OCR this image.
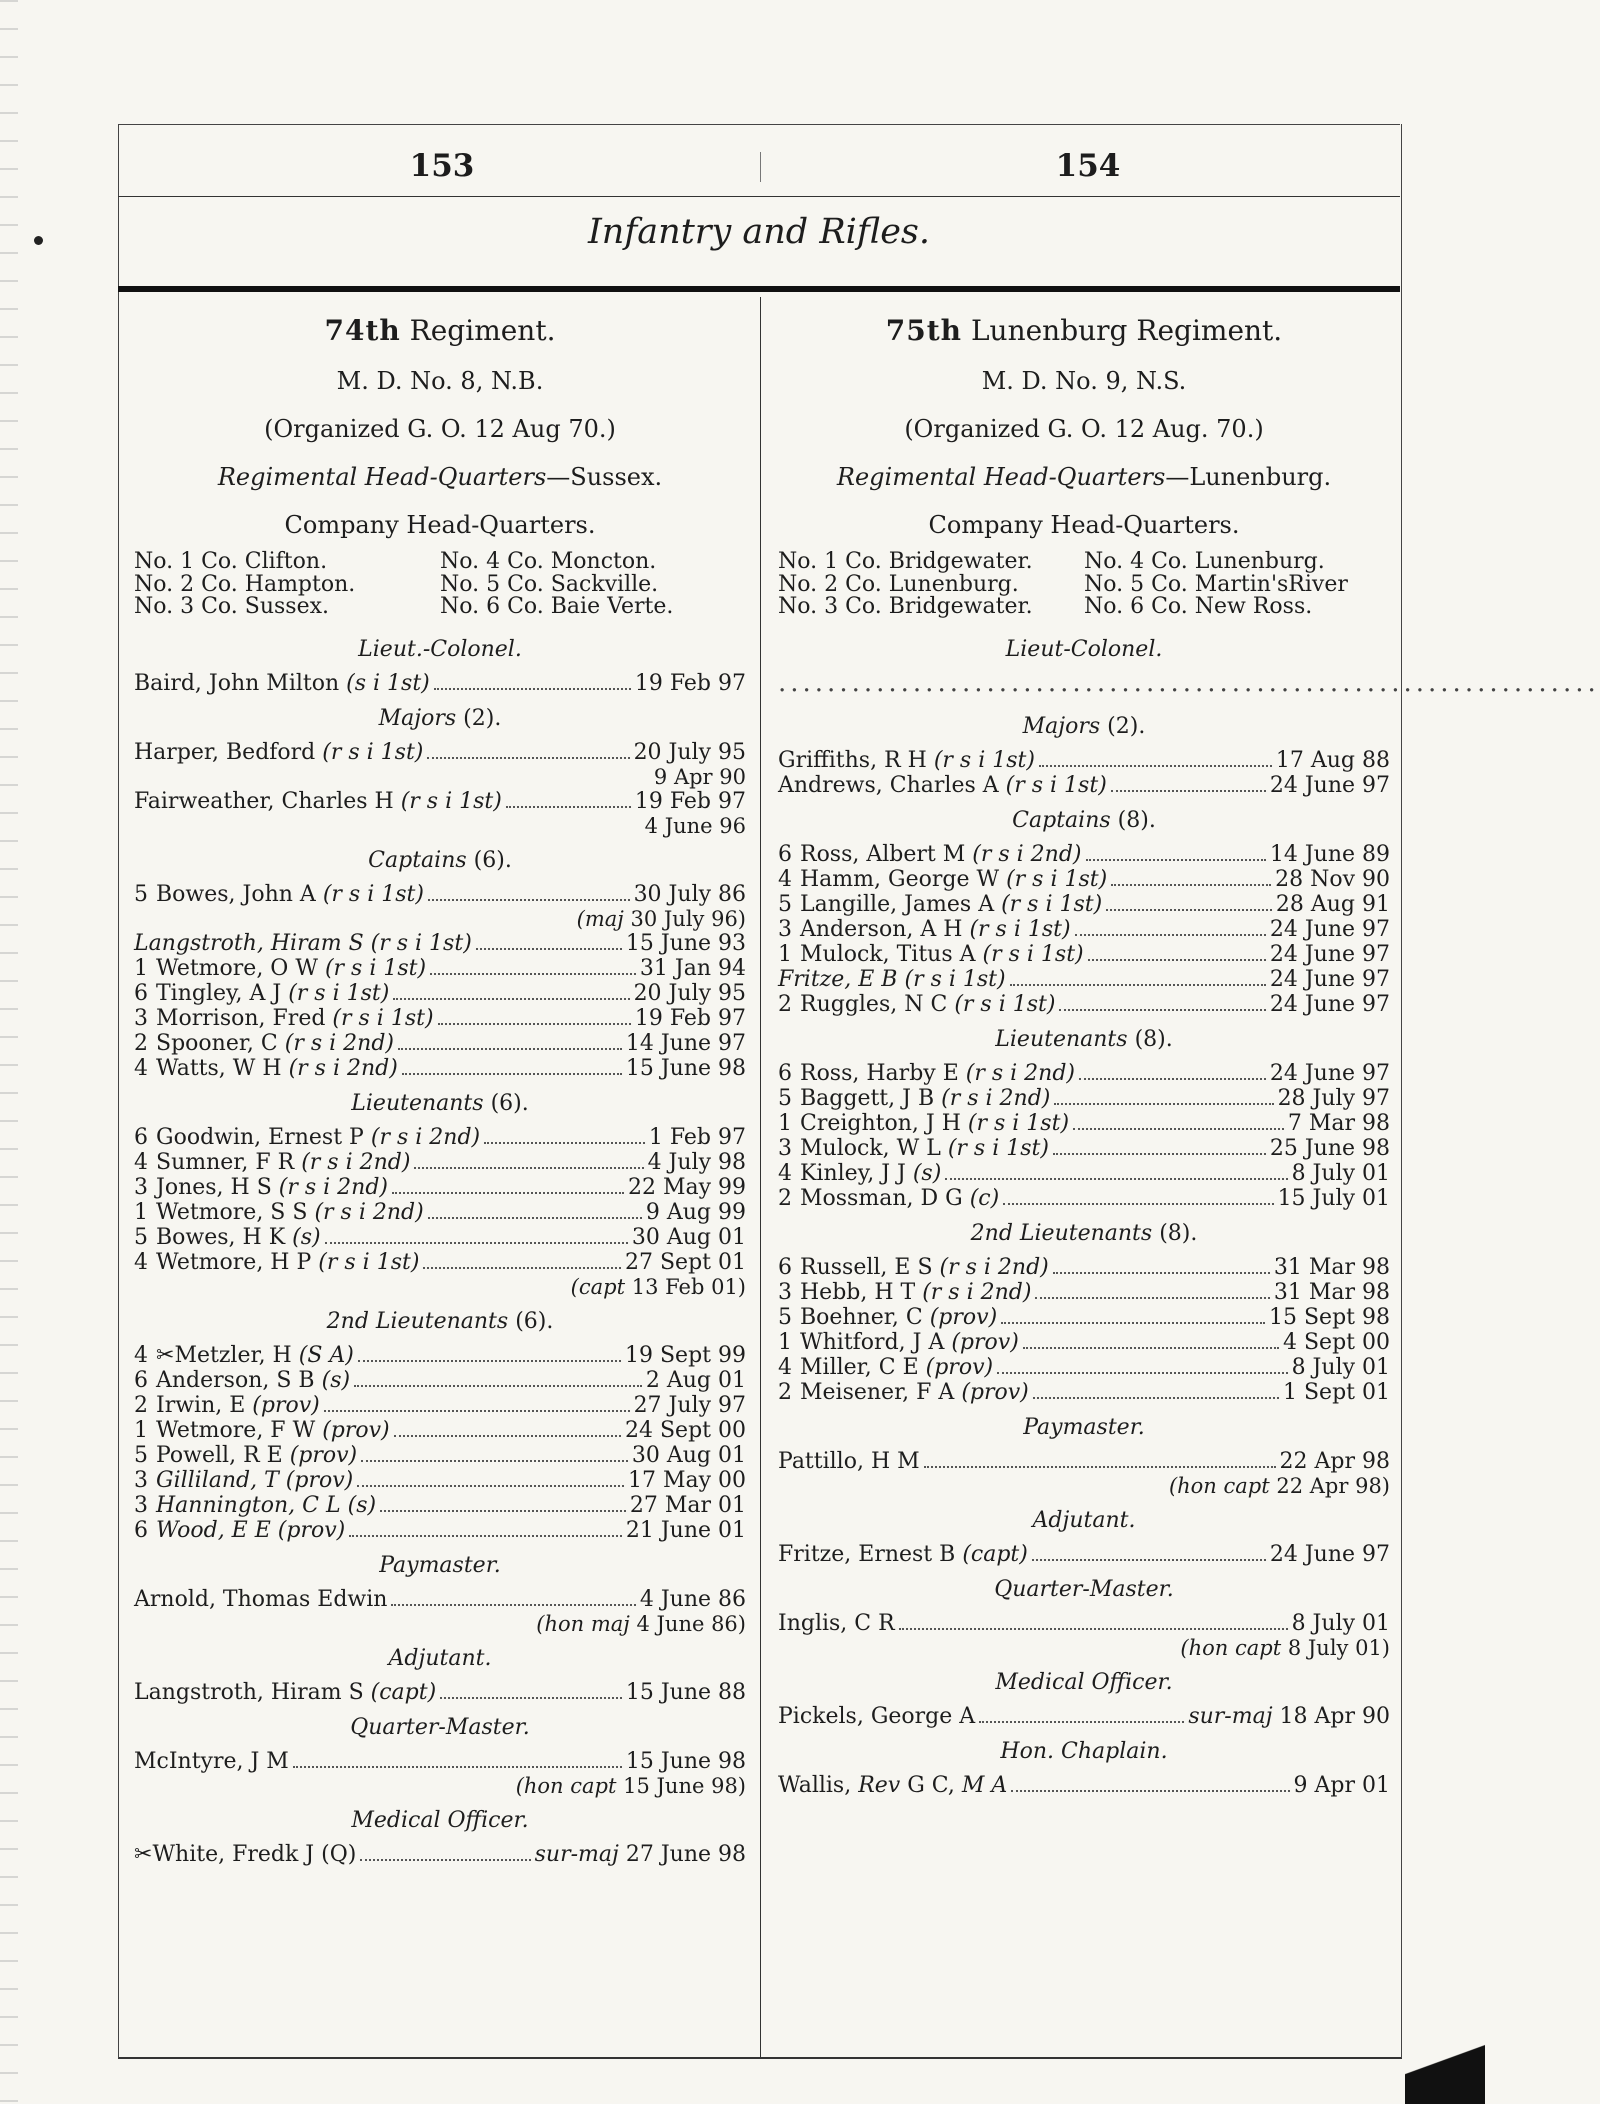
153	154
Infantry and Rifles.
74th Regiment.
M. D. No. 8, N.B.
(Organized G. O. 12 Aug 70.)
Regimental Head-Quarters—Sussex.
Company Head-Quarters.
No. 1 Co. Clifton.	No. 4 Co. Moncton.
No. 2 Co. Hampton.	No. 5 Co. Sackville.
No. 3 Co. Sussex.	No. 6 Co. Baie Verte.
Lieut.-Colonel.
Baird, John Milton (s i 1st)	19 Feb 97
Majors (2).
Harper, Bedford (r s i 1st)	20 July 95
9 Apr 90
Fairweather, Charles H (r s i 1st)	19 Feb 97
4 June 96
Captains (6).
5 Bowes, John A (r s i 1st)	30 July 86
(maj 30 July 96)
Langstroth, Hiram S (r s i 1st)	15 June 93
1 Wetmore, O W (r s i 1st)	31 Jan 94
6 Tingley, A J (r s i 1st)	20 July 95
3 Morrison, Fred (r s i 1st)	19 Feb 97
2 Spooner, C (r s i 2nd)	14 June 97
4 Watts, W H (r s i 2nd)	15 June 98
Lieutenants (6).
6 Goodwin, Ernest P (r s i 2nd)	1 Feb 97
4 Sumner, F R (r s i 2nd)	4 July 98
3 Jones, H S (r s i 2nd)	22 May 99
1 Wetmore, S S (r s i 2nd)	9 Aug 99
5 Bowes, H K (s)	30 Aug 01
4 Wetmore, H P (r s i 1st)	27 Sept 01
(capt 13 Feb 01)
2nd Lieutenants (6).
4 ✂Metzler, H (S A)	19 Sept 99
6 Anderson, S B (s)	2 Aug 01
2 Irwin, E (prov)	27 July 97
1 Wetmore, F W (prov)	24 Sept 00
5 Powell, R E (prov)	30 Aug 01
3 Gilliland, T (prov)	17 May 00
3 Hannington, C L (s)	27 Mar 01
6 Wood, E E (prov)	21 June 01
Paymaster.
Arnold, Thomas Edwin	4 June 86
(hon maj 4 June 86)
Adjutant.
Langstroth, Hiram S (capt)	15 June 88
Quarter-Master.
McIntyre, J M	15 June 98
(hon capt 15 June 98)
Medical Officer.
✂White, Fredk J (Q)	sur-maj 27 June 98
75th Lunenburg Regiment.
M. D. No. 9, N.S.
(Organized G. O. 12 Aug. 70.)
Regimental Head-Quarters—Lunenburg.
Company Head-Quarters.
No. 1 Co. Bridgewater.	No. 4 Co. Lunenburg.
No. 2 Co. Lunenburg.	No. 5 Co. Martin'sRiver
No. 3 Co. Bridgewater.	No. 6 Co. New Ross.
Lieut-Colonel.
...................................................................
Majors (2).
Griffiths, R H (r s i 1st)	17 Aug 88
Andrews, Charles A (r s i 1st)	24 June 97
Captains (8).
6 Ross, Albert M (r s i 2nd)	14 June 89
4 Hamm, George W (r s i 1st)	28 Nov 90
5 Langille, James A (r s i 1st)	28 Aug 91
3 Anderson, A H (r s i 1st)	24 June 97
1 Mulock, Titus A (r s i 1st)	24 June 97
Fritze, E B (r s i 1st)	24 June 97
2 Ruggles, N C (r s i 1st)	24 June 97
Lieutenants (8).
6 Ross, Harby E (r s i 2nd)	24 June 97
5 Baggett, J B (r s i 2nd)	28 July 97
1 Creighton, J H (r s i 1st)	7 Mar 98
3 Mulock, W L (r s i 1st)	25 June 98
4 Kinley, J J (s)	8 July 01
2 Mossman, D G (c)	15 July 01
2nd Lieutenants (8).
6 Russell, E S (r s i 2nd)	31 Mar 98
3 Hebb, H T (r s i 2nd)	31 Mar 98
5 Boehner, C (prov)	15 Sept 98
1 Whitford, J A (prov)	4 Sept 00
4 Miller, C E (prov)	8 July 01
2 Meisener, F A (prov)	1 Sept 01
Paymaster.
Pattillo, H M	22 Apr 98
(hon capt 22 Apr 98)
Adjutant.
Fritze, Ernest B (capt)	24 June 97
Quarter-Master.
Inglis, C R	8 July 01
(hon capt 8 July 01)
Medical Officer.
Pickels, George A	sur-maj 18 Apr 90
Hon. Chaplain.
Wallis, Rev G C, M A	9 Apr 01
